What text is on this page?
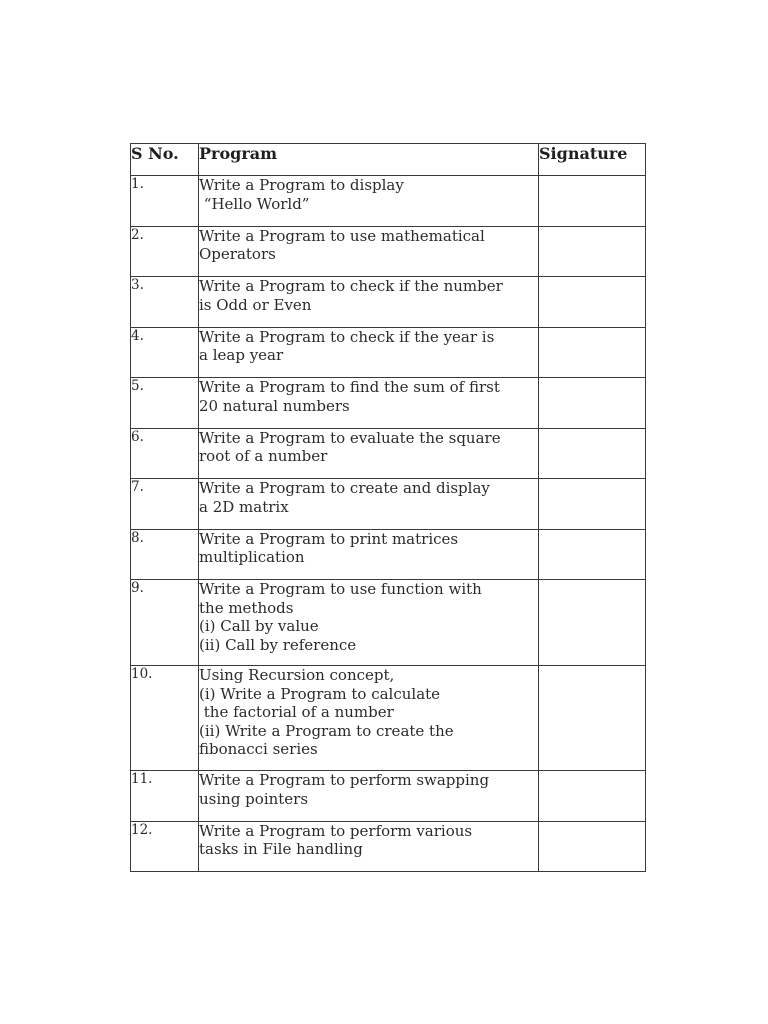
S No.	Program	Signature
1.	Write a Program to display
“Hello World”	
2.	Write a Program to use mathematical
Operators	
3.	Write a Program to check if the number
is Odd or Even	
4.	Write a Program to check if the year is
a leap year	
5.	Write a Program to find the sum of first
20 natural numbers	
6.	Write a Program to evaluate the square
root of a number	
7.	Write a Program to create and display
a 2D matrix	
8.	Write a Program to print matrices
multiplication	
9.	Write a Program to use function with
the methods
(i) Call by value
(ii) Call by reference	
10.	Using Recursion concept,
(i) Write a Program to calculate
the factorial of a number
(ii) Write a Program to create the
fibonacci series	
11.	Write a Program to perform swapping
using pointers	
12.	Write a Program to perform various
tasks in File handling	
